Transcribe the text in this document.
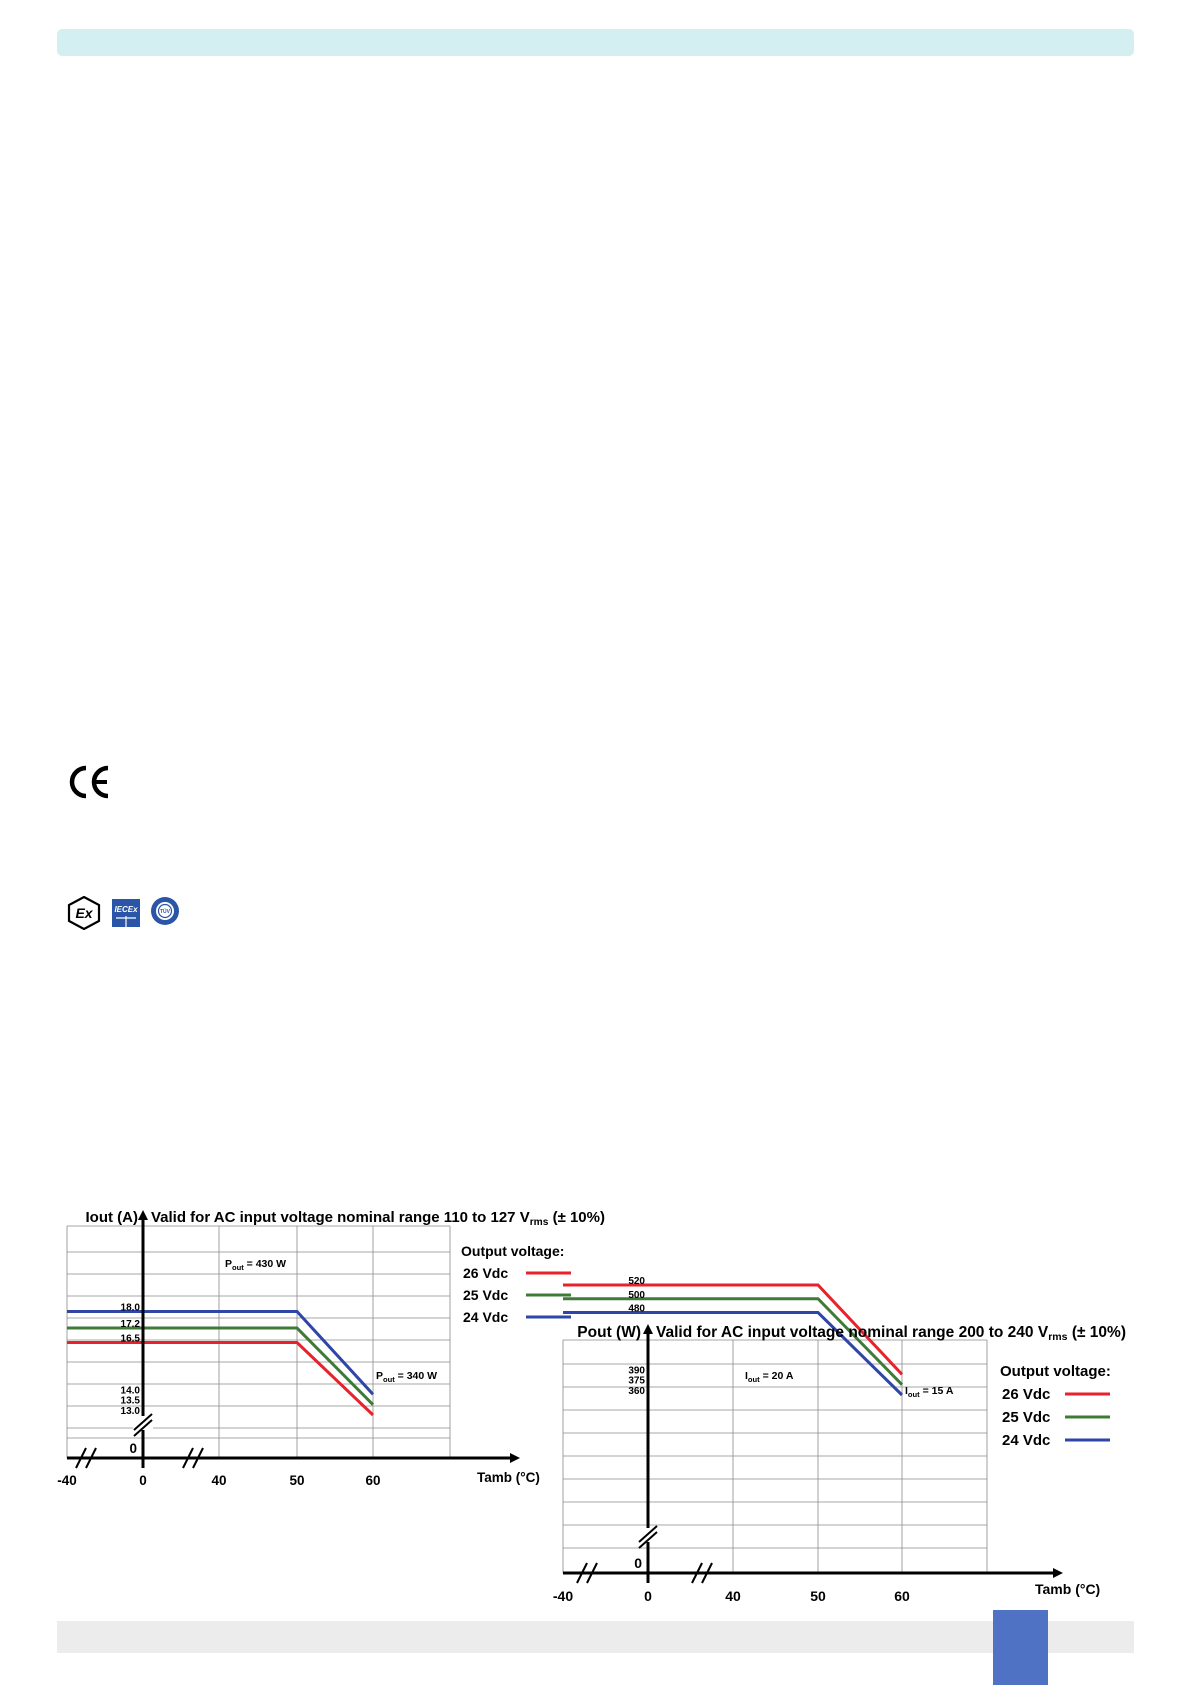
Ex	IECEx	TÜV
Iout (A) Valid for AC input voltage nominal range 110 to 127 $V_{rms}$ (± 10%)
Tamb (°C)
0
-40	0	40	50	60
18.0
17.2
16.5
14.0
13.5
13.0
$P_{out} = 430$ W
$P_{out} = 340$ W
Output voltage:
26 Vdc
25 Vdc
24 Vdc
Pout (W) Valid for AC input voltage nominal range 200 to 240 Vrms (± 10%)
Tamb (°C)
0
-40	0	40	50	60
520
500
480
390
375
360
$I_{out} = 20$ A
$I_{out} = 15$ A
Output voltage:
26 Vdc
25 Vdc
24 Vdc
